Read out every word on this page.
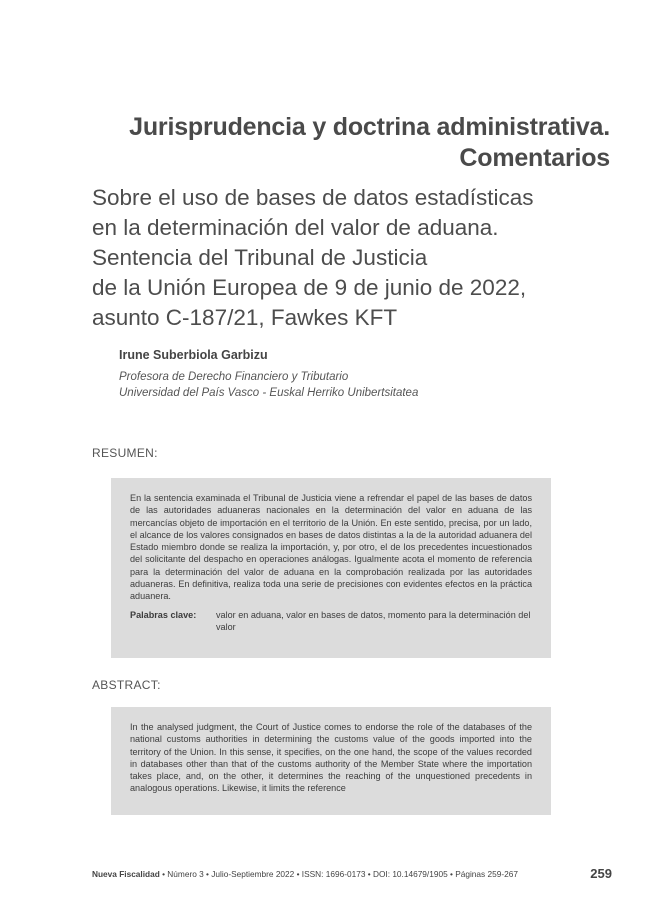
Jurisprudencia y doctrina administrativa.
Comentarios
Sobre el uso de bases de datos estadísticas
en la determinación del valor de aduana.
Sentencia del Tribunal de Justicia
de la Unión Europea de 9 de junio de 2022,
asunto C-187/21, Fawkes KFT
Irune Suberbiola Garbizu
Profesora de Derecho Financiero y Tributario
Universidad del País Vasco - Euskal Herriko Unibertsitatea
RESUMEN:

En la sentencia examinada el Tribunal de Justicia viene a refrendar el papel de las bases de datos de las autoridades aduaneras nacionales en la determinación del valor en aduana de las mercancías objeto de importación en el territorio de la Unión. En este sentido, precisa, por un lado, el alcance de los valores consignados en bases de datos distintas a la de la autoridad aduanera del Estado miembro donde se realiza la importación, y, por otro, el de los precedentes incuestionados del solicitante del despacho en operaciones análogas. Igualmente acota el momento de referencia para la determinación del valor de aduana en la comprobación realizada por las autoridades aduaneras. En definitiva, realiza toda una serie de precisiones con evidentes efectos en la práctica aduanera.

Palabras clave:	valor en aduana, valor en bases de datos, momento para la determinación del valor
ABSTRACT:

In the analysed judgment, the Court of Justice comes to endorse the role of the databases of the national customs authorities in determining the customs value of the goods imported into the territory of the Union. In this sense, it specifies, on the one hand, the scope of the values recorded in databases other than that of the customs authority of the Member State where the importation takes place, and, on the other, it determines the reaching of the unquestioned precedents in analogous operations. Likewise, it limits the reference

Nueva Fiscalidad • Número 3 • Julio-Septiembre 2022 • ISSN: 1696-0173 • DOI: 10.14679/1905 • Páginas 259-267	259
